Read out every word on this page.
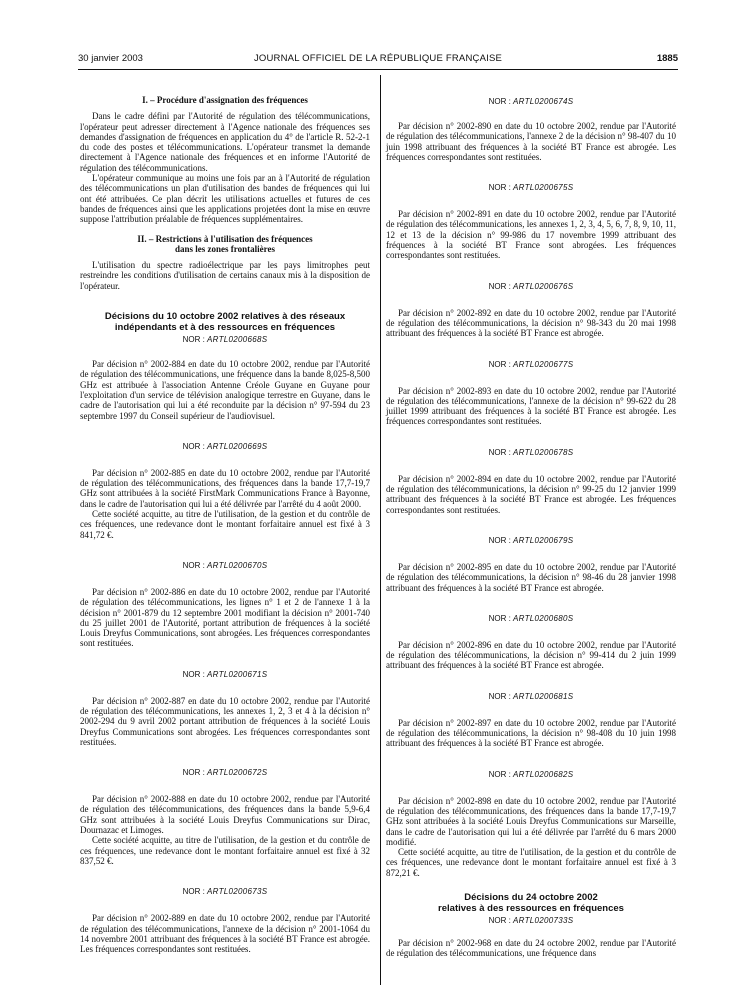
30 janvier 2003	JOURNAL OFFICIEL DE LA RÉPUBLIQUE FRANÇAISE	1885
I. – Procédure d'assignation des fréquences

Dans le cadre défini par l'Autorité de régulation des télécommunications, l'opérateur peut adresser directement à l'Agence nationale des fréquences ses demandes d'assignation de fréquences en application du 4° de l'article R. 52-2-1 du code des postes et télécommunications. L'opérateur transmet la demande directement à l'Agence nationale des fréquences et en informe l'Autorité de régulation des télécommunications.

L'opérateur communique au moins une fois par an à l'Autorité de régulation des télécommunications un plan d'utilisation des bandes de fréquences qui lui ont été attribuées. Ce plan décrit les utilisations actuelles et futures de ces bandes de fréquences ainsi que les applications projetées dont la mise en œuvre suppose l'attribution préalable de fréquences supplémentaires.

II. – Restrictions à l'utilisation des fréquences
dans les zones frontalières

L'utilisation du spectre radioélectrique par les pays limitrophes peut restreindre les conditions d'utilisation de certains canaux mis à la disposition de l'opérateur.

Décisions du 10 octobre 2002 relatives à des réseaux
indépendants et à des ressources en fréquences
NOR : ARTL0200668S

Par décision n° 2002-884 en date du 10 octobre 2002, rendue par l'Autorité de régulation des télécommunications, une fréquence dans la bande 8,025-8,500 GHz est attribuée à l'association Antenne Créole Guyane en Guyane pour l'exploitation d'un service de télévision analogique terrestre en Guyane, dans le cadre de l'autorisation qui lui a été reconduite par la décision n° 97-594 du 23 septembre 1997 du Conseil supérieur de l'audiovisuel.

NOR : ARTL0200669S

Par décision n° 2002-885 en date du 10 octobre 2002, rendue par l'Autorité de régulation des télécommunications, des fréquences dans la bande 17,7-19,7 GHz sont attribuées à la société FirstMark Communications France à Bayonne, dans le cadre de l'autorisation qui lui a été délivrée par l'arrêté du 4 août 2000.

Cette société acquitte, au titre de l'utilisation, de la gestion et du contrôle de ces fréquences, une redevance dont le montant forfaitaire annuel est fixé à 3 841,72 €.

NOR : ARTL0200670S

Par décision n° 2002-886 en date du 10 octobre 2002, rendue par l'Autorité de régulation des télécommunications, les lignes n° 1 et 2 de l'annexe 1 à la décision n° 2001-879 du 12 septembre 2001 modifiant la décision n° 2001-740 du 25 juillet 2001 de l'Autorité, portant attribution de fréquences à la société Louis Dreyfus Communications, sont abrogées. Les fréquences correspondantes sont restituées.

NOR : ARTL0200671S

Par décision n° 2002-887 en date du 10 octobre 2002, rendue par l'Autorité de régulation des télécommunications, les annexes 1, 2, 3 et 4 à la décision n° 2002-294 du 9 avril 2002 portant attribution de fréquences à la société Louis Dreyfus Communications sont abrogées. Les fréquences correspondantes sont restituées.

NOR : ARTL0200672S

Par décision n° 2002-888 en date du 10 octobre 2002, rendue par l'Autorité de régulation des télécommunications, des fréquences dans la bande 5,9-6,4 GHz sont attribuées à la société Louis Dreyfus Communications sur Dirac, Dournazac et Limoges.

Cette société acquitte, au titre de l'utilisation, de la gestion et du contrôle de ces fréquences, une redevance dont le montant forfaitaire annuel est fixé à 32 837,52 €.

NOR : ARTL0200673S

Par décision n° 2002-889 en date du 10 octobre 2002, rendue par l'Autorité de régulation des télécommunications, l'annexe de la décision n° 2001-1064 du 14 novembre 2001 attribuant des fréquences à la société BT France est abrogée. Les fréquences correspondantes sont restituées.

NOR : ARTL0200674S

Par décision n° 2002-890 en date du 10 octobre 2002, rendue par l'Autorité de régulation des télécommunications, l'annexe 2 de la décision n° 98-407 du 10 juin 1998 attribuant des fréquences à la société BT France est abrogée. Les fréquences correspondantes sont restituées.

NOR : ARTL0200675S

Par décision n° 2002-891 en date du 10 octobre 2002, rendue par l'Autorité de régulation des télécommunications, les annexes 1, 2, 3, 4, 5, 6, 7, 8, 9, 10, 11, 12 et 13 de la décision n° 99-986 du 17 novembre 1999 attribuant des fréquences à la société BT France sont abrogées. Les fréquences correspondantes sont restituées.

NOR : ARTL0200676S

Par décision n° 2002-892 en date du 10 octobre 2002, rendue par l'Autorité de régulation des télécommunications, la décision n° 98-343 du 20 mai 1998 attribuant des fréquences à la société BT France est abrogée.

NOR : ARTL0200677S

Par décision n° 2002-893 en date du 10 octobre 2002, rendue par l'Autorité de régulation des télécommunications, l'annexe de la décision n° 99-622 du 28 juillet 1999 attribuant des fréquences à la société BT France est abrogée. Les fréquences correspondantes sont restituées.

NOR : ARTL0200678S

Par décision n° 2002-894 en date du 10 octobre 2002, rendue par l'Autorité de régulation des télécommunications, la décision n° 99-25 du 12 janvier 1999 attribuant des fréquences à la société BT France est abrogée. Les fréquences correspondantes sont restituées.

NOR : ARTL0200679S

Par décision n° 2002-895 en date du 10 octobre 2002, rendue par l'Autorité de régulation des télécommunications, la décision n° 98-46 du 28 janvier 1998 attribuant des fréquences à la société BT France est abrogée.

NOR : ARTL0200680S

Par décision n° 2002-896 en date du 10 octobre 2002, rendue par l'Autorité de régulation des télécommunications, la décision n° 99-414 du 2 juin 1999 attribuant des fréquences à la société BT France est abrogée.

NOR : ARTL0200681S

Par décision n° 2002-897 en date du 10 octobre 2002, rendue par l'Autorité de régulation des télécommunications, la décision n° 98-408 du 10 juin 1998 attribuant des fréquences à la société BT France est abrogée.

NOR : ARTL0200682S

Par décision n° 2002-898 en date du 10 octobre 2002, rendue par l'Autorité de régulation des télécommunications, des fréquences dans la bande 17,7-19,7 GHz sont attribuées à la société Louis Dreyfus Communications sur Marseille, dans le cadre de l'autorisation qui lui a été délivrée par l'arrêté du 6 mars 2000 modifié.

Cette société acquitte, au titre de l'utilisation, de la gestion et du contrôle de ces fréquences, une redevance dont le montant forfaitaire annuel est fixé à 3 872,21 €.

Décisions du 24 octobre 2002
relatives à des ressources en fréquences
NOR : ARTL0200733S

Par décision n° 2002-968 en date du 24 octobre 2002, rendue par l'Autorité de régulation des télécommunications, une fréquence dans
